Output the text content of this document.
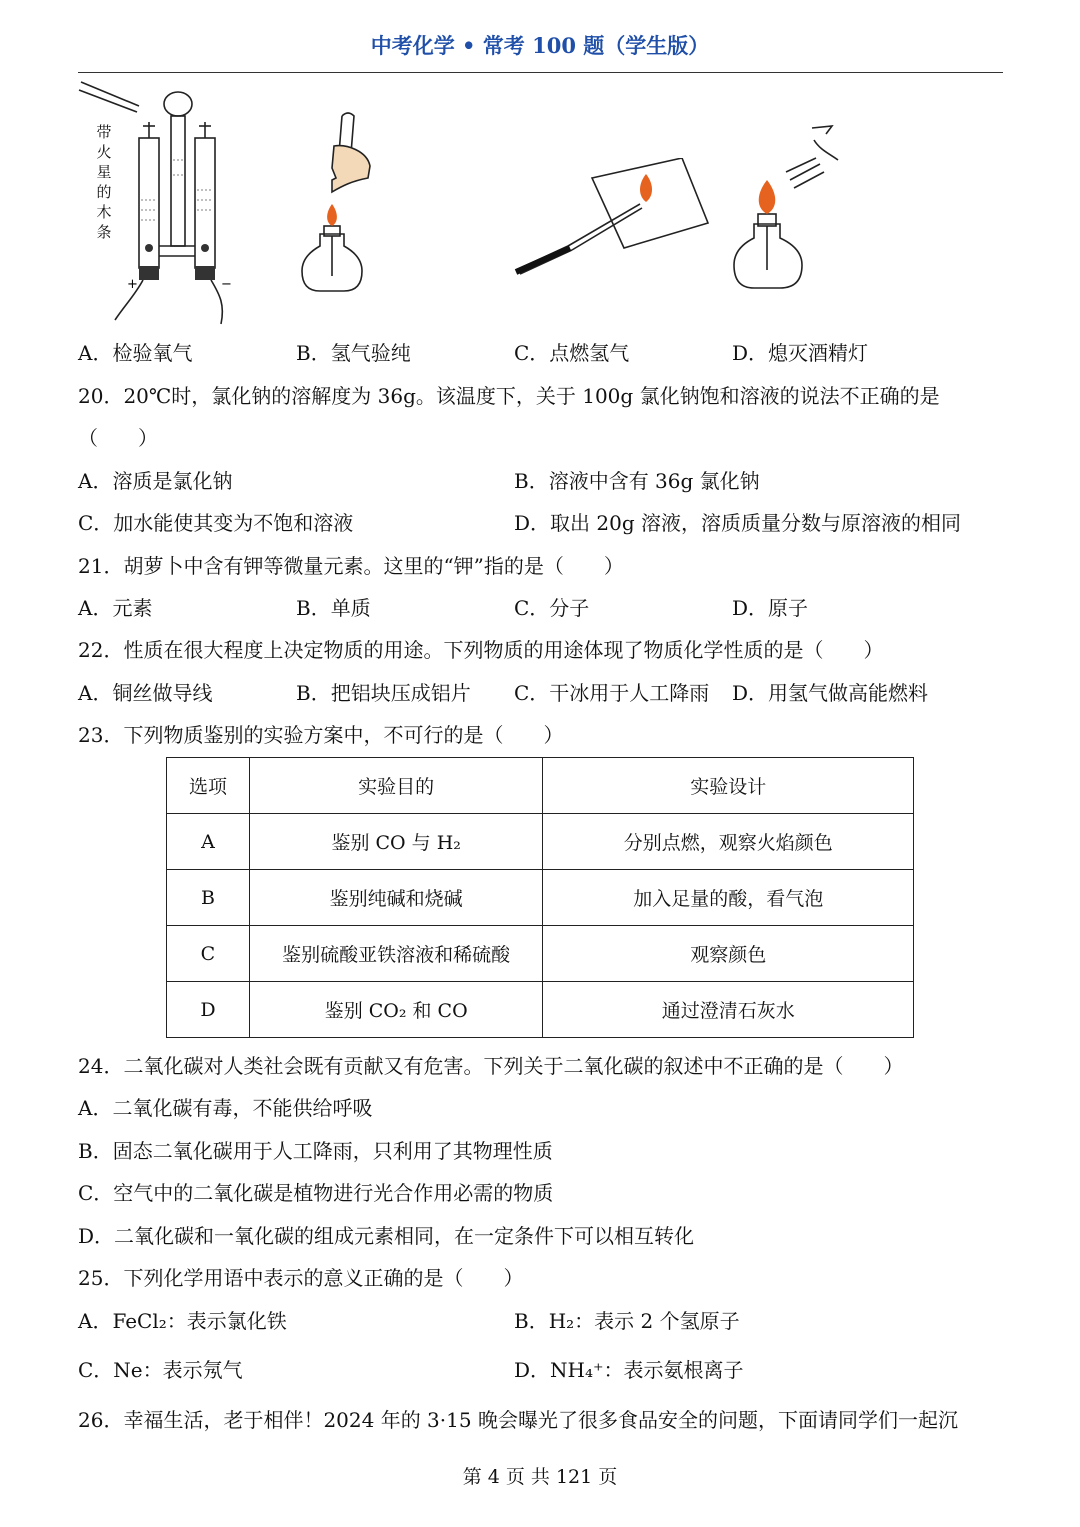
中考化学 • 常考 100 题（学生版）
+	−
带火星的木条
A．检验氧气	B．氢气验纯	C．点燃氢气	D．熄灭酒精灯
20．20℃时，氯化钠的溶解度为 36g。该温度下，关于 100g 氯化钠饱和溶液的说法不正确的是
（　　）
A．溶质是氯化钠	B．溶液中含有 36g 氯化钠
C．加水能使其变为不饱和溶液	D．取出 20g 溶液，溶质质量分数与原溶液的相同
21．胡萝卜中含有钾等微量元素。这里的“钾”指的是（　　）
A．元素	B．单质	C．分子	D．原子
22．性质在很大程度上决定物质的用途。下列物质的用途体现了物质化学性质的是（　　）
A．铜丝做导线	B．把铝块压成铝片 C．干冰用于人工降雨 D．用氢气做高能燃料
23．下列物质鉴别的实验方案中，不可行的是（　　）
选项	实验目的	实验设计
A	鉴别 CO 与 H₂	分别点燃，观察火焰颜色
B	鉴别纯碱和烧碱	加入足量的酸，看气泡
C	鉴别硫酸亚铁溶液和稀硫酸	观察颜色
D	鉴别 CO₂ 和 CO	通过澄清石灰水
24．二氧化碳对人类社会既有贡献又有危害。下列关于二氧化碳的叙述中不正确的是（　　）
A．二氧化碳有毒，不能供给呼吸
B．固态二氧化碳用于人工降雨，只利用了其物理性质
C．空气中的二氧化碳是植物进行光合作用必需的物质
D．二氧化碳和一氧化碳的组成元素相同，在一定条件下可以相互转化
25．下列化学用语中表示的意义正确的是（　　）
A．FeCl₂：表示氯化铁	B．H₂：表示 2 个氢原子
C．Ne：表示氖气	D．NH₄⁺：表示氨根离子
26．幸福生活，老于相伴！2024 年的 3·15 晚会曝光了很多食品安全的问题，下面请同学们一起沉
第 4 页 共 121 页
